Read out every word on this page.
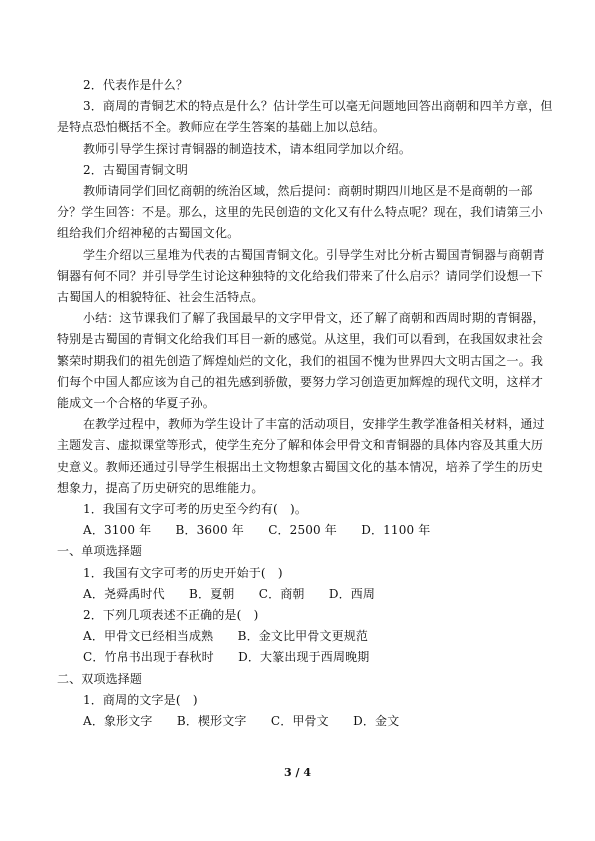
2．代表作是什么？
3．商周的青铜艺术的特点是什么？估计学生可以毫无问题地回答出商朝和四羊方章，但
是特点恐怕概括不全。教师应在学生答案的基础上加以总结。
教师引导学生探讨青铜器的制造技术，请本组同学加以介绍。
2．古蜀国青铜文明
教师请同学们回忆商朝的统治区域，然后提问：商朝时期四川地区是不是商朝的一部
分？学生回答：不是。那么，这里的先民创造的文化又有什么特点呢？现在，我们请第三小
组给我们介绍神秘的古蜀国文化。
学生介绍以三星堆为代表的古蜀国青铜文化。引导学生对比分析古蜀国青铜器与商朝青
铜器有何不同？并引导学生讨论这种独特的文化给我们带来了什么启示？请同学们设想一下
古蜀国人的相貌特征、社会生活特点。
小结：这节课我们了解了我国最早的文字甲骨文，还了解了商朝和西周时期的青铜器，
特别是古蜀国的青铜文化给我们耳目一新的感觉。从这里，我们可以看到，在我国奴隶社会
繁荣时期我们的祖先创造了辉煌灿烂的文化，我们的祖国不愧为世界四大文明古国之一。我
们每个中国人都应该为自己的祖先感到骄傲，要努力学习创造更加辉煌的现代文明，这样才
能成文一个合格的华夏子孙。
在教学过程中，教师为学生设计了丰富的活动项目，安排学生教学准备相关材料，通过
主题发言、虚拟课堂等形式，使学生充分了解和体会甲骨文和青铜器的具体内容及其重大历
史意义。教师还通过引导学生根据出土文物想象古蜀国文化的基本情况，培养了学生的历史
想象力，提高了历史研究的思维能力。
1．我国有文字可考的历史至今约有(　)。
A．3100 年　　B．3600 年　　C．2500 年　　D．1100 年
一、单项选择题
1．我国有文字可考的历史开始于(　)
A．尧舜禹时代　　B．夏朝　　C．商朝　　D．西周
2．下列几项表述不正确的是(　)
A．甲骨文已经相当成熟　　B．金文比甲骨文更规范
C．竹帛书出现于春秋时　　D．大篆出现于西周晚期
二、双项选择题
1．商周的文字是(　)
A．象形文字　　B．楔形文字　　C．甲骨文　　D．金文
3 / 4
